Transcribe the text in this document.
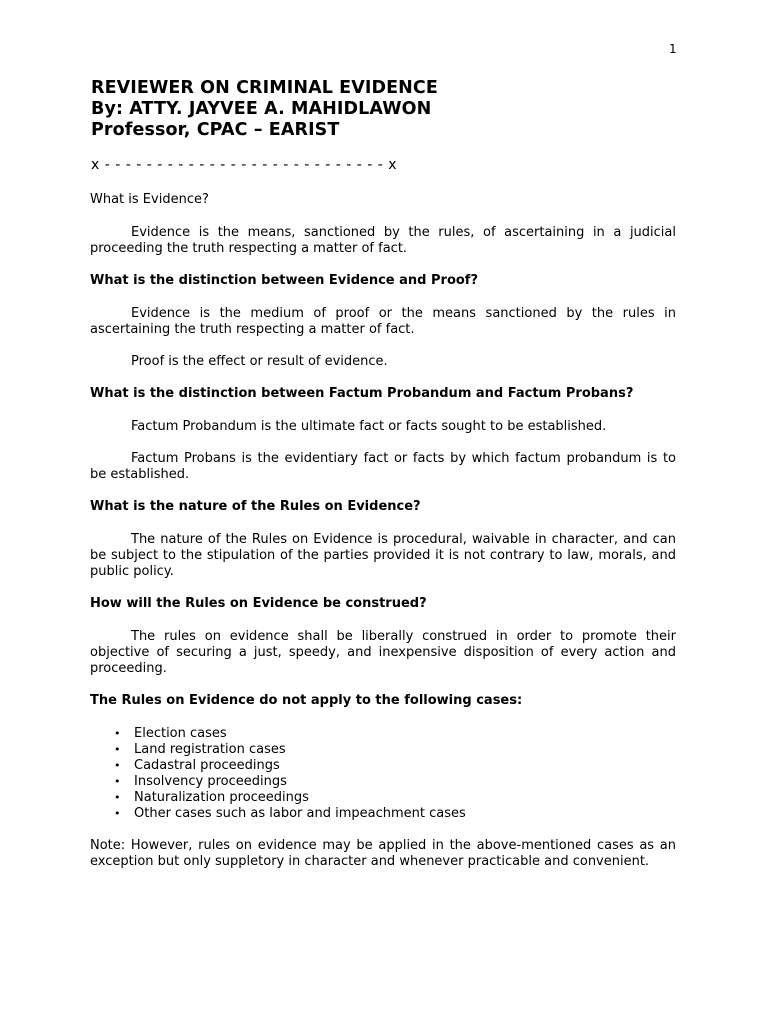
1
REVIEWER ON CRIMINAL EVIDENCE
By: ATTY. JAYVEE A. MAHIDLAWON
Professor, CPAC – EARIST
x - - - - - - - - - - - - - - - - - - - - - - - - - - - x
What is Evidence?
Evidence is the means, sanctioned by the rules, of ascertaining in a judicial proceeding the truth respecting a matter of fact.
What is the distinction between Evidence and Proof?
Evidence is the medium of proof or the means sanctioned by the rules in ascertaining the truth respecting a matter of fact.
Proof is the effect or result of evidence.
What is the distinction between Factum Probandum and Factum Probans?
Factum Probandum is the ultimate fact or facts sought to be established.
Factum Probans is the evidentiary fact or facts by which factum probandum is to be established.
What is the nature of the Rules on Evidence?
The nature of the Rules on Evidence is procedural, waivable in character, and can be subject to the stipulation of the parties provided it is not contrary to law, morals, and public policy.
How will the Rules on Evidence be construed?
The rules on evidence shall be liberally construed in order to promote their objective of securing a just, speedy, and inexpensive disposition of every action and proceeding.
The Rules on Evidence do not apply to the following cases:
•	Election cases
•	Land registration cases
•	Cadastral proceedings
•	Insolvency proceedings
•	Naturalization proceedings
•	Other cases such as labor and impeachment cases
Note: However, rules on evidence may be applied in the above-mentioned cases as an exception but only suppletory in character and whenever practicable and convenient.
